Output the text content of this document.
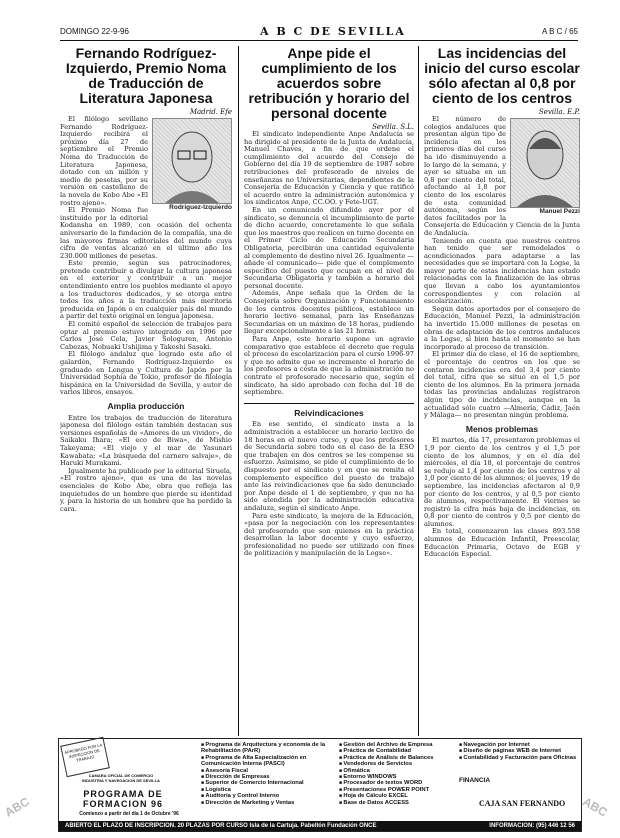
DOMINGO 22-9-96	A B C DE SEVILLA	A B C / 65
Fernando Rodríguez-Izquierdo, Premio Noma de Traducción de Literatura Japonesa
Madrid. Efe
Rodríguez-Izquierdo

El filólogo sevillano Fernando Rodríguez-Izquierdo recibirá el próximo día 27 de septiembre el Premio Noma de Traducción de Literatura Japonesa, dotado con un millón y medio de pesetas, por su versión en castellano de la novela de Kobo Abe «El rostro ajeno».

El Premio Noma fue instituido por la editorial Kodansha en 1989, con ocasión del ochenta aniversario de la fundación de la compañía, una de las mayores firmas editoriales del mundo cuya cifra de ventas alcanzó en el último año los 230.000 millones de pesetas.

Este premio, según sus patrocinadores, pretende contribuir a divulgar la cultura japonesa en el exterior y contribuir a un mejor entendimiento entre los pueblos mediante el apoyo a los traductores dedicados, y se otorga entre todos los años a la traducción más meritoria producida en Japón o en cualquier país del mundo a partir del texto original en lengua japonesa.

El comité español de selección de trabajos para optar al premio estuvo integrado en 1996 por Carlos José Cela, Javier Sologuren, Antonio Cabezas, Nobuaki Ushijima y Takeshi Sasaki.

El filólogo andaluz que logrado este año el galardón, Fernando Rodríguez-Izquierdo es graduado en Lengua y Cultura de Japón por la Universidad Sophia de Tokio, profesor de filología hispánica en la Universidad de Sevilla, y autor de varios libros, ensayos.

Amplia producción

Entre los trabajos de traducción de literatura japonesa del filólogo están también destacan sus versiones españolas de «Amores de un vividor», de Saikaku Ihara; «El eco de Biwa», de Mishio Takeyama; «El viejo y el mar de Yasunari Kawabata; «La búsqueda del carnero salvaje», de Haruki Murakami.

Igualmente ha publicado por la editorial Siruela, «El rostro ajeno», que es una de las novelas esenciales de Kobo Abe, obra que refleja las inquietudes de un hombre que pierde su identidad y, para la historia de un hombre que ha perdido la cara.

Anpe pide el cumplimiento de los acuerdos sobre retribución y horario del personal docente
Sevilla. S.L.

El sindicato independiente Anpe Andalucía se ha dirigido al presidente de la Junta de Andalucía, Manuel Chaves, a fin de que ordene el cumplimiento del acuerdo del Consejo de Gobierno del día 19 de septiembre de 1987 sobre retribuciones del profesorado de niveles de enseñanzas no Universitarias, dependientes de la Consejería de Educación y Ciencia y que ratificó el acuerdo entre la administración autonómica y los sindicatos Anpe, CC.OO. y Fete-UGT.

En un comunicado difundido ayer por el sindicato, se denuncia el incumplimiento de parte de dicho acuerdo, concretamente lo que señala que los maestros que realicen en turno docente en el Primer Ciclo de Educación Secundaria Obligatoria, percibirán una cantidad equivalente al complemento de destino nivel 26. Igualmente —añade el comunicado— pide que el complemento específico del puesto que ocupan en el nivel de Secundaria Obligatoria y también a horario del personal docente.

Además, Anpe señala que la Orden de la Consejería sobre Organización y Funcionamiento de los centros docentes públicos, establece un horario lectivo semanal, para las Enseñanzas Secundarias en un máximo de 18 horas, pudiendo llegar excepcionalmente a las 21 horas.

Para Anpe, este horario supone un agravio comparativo que establece el decreto que regula el proceso de escolarización para el curso 1996-97 y que no admite que se incremente el horario de los profesores a costa de que la administración no contrate el profesorado necesario que, según el sindicato, ha sido aprobado con fecha del 18 de septiembre.

Reivindicaciones

En ese sentido, el sindicato insta a la administración a establecer un horario lectivo de 18 horas en el nuevo curso, y que los profesores de Secundaria sobre todo en el caso de la ESO que trabajen en dos centros se les compense su esfuerzo. Asimismo, se pide el cumplimiento de lo dispuesto por el sindicato y en que se remita el complemento específico del puesto de trabajo ante las reivindicaciones que ha sido denunciado por Anpe desde el 1 de septiembre, y que no ha sido atendida por la administración educativa andaluza, según el sindicato Anpe.

Para este sindicato, la mejora de la Educación, «pasa por la negociación con los representantes del profesorado que son quienes en la práctica desarrollan la labor docente y cuyo esfuerzo, profesionalidad no puede ser utilizado con fines de politización y manipulación de la Logse».

Las incidencias del inicio del curso escolar sólo afectan al 0,8 por ciento de los centros
Sevilla. E.P.
Manuel Pezzi

El número de colegios andaluces que presentan algún tipo de incidencia en los primeros días del curso ha ido disminuyendo a lo largo de la semana, y ayer se situaba en un 0,8 por ciento del total, afectando al 1,8 por ciento de los escolares de esta comunidad autónoma, según los datos facilitados por la Consejería de Educación y Ciencia de la Junta de Andalucía.

Teniendo en cuenta que nuestros centros han tenido que ser remodelados o acondicionados para adaptarse a las necesidades que se importará con la Logse, la mayor parte de estas incidencias han estado relacionadas con la finalización de las obras que llevan a cabo los ayuntamientos correspondientes y con relación al escolarización.

Según datos aportados por el consejero de Educación, Manuel Pezzi, la administración ha invertido 15.000 millones de pesetas en obras de adaptación de los centros andaluces a la Logse, si bien hasta el momento se han incorporado al proceso de transición.

El primer día de clase, el 16 de septiembre, el porcentaje de centros en los que se contaron incidencias era del 3,4 por ciento del total, cifra que se situó en el 1,5 por ciento de los alumnos. En la primera jornada todas las provincias andaluzas registraron algún tipo de incidencias, aunque en la actualidad sólo cuatro —Almería, Cádiz, Jaén y Málaga— no presentan ningún problema.

Menos problemas

El martes, día 17, presentaron problemas el 1,9 por ciento de los centros y el 1,5 por ciento de los alumnos, y en el día del miércoles, el día 18, el porcentaje de centros se redujo al 1,4 por ciento de los centros y al 1,0 por ciento de los alumnos; el jueves, 19 de septiembre, las incidencias afectaron al 0,9 por ciento de los centros, y al 0,5 por ciento de alumnos, respectivamente. El viernes se registró la cifra más baja de incidencias, en 0,8 por ciento de centros y 0,5 por ciento de alumnos.

En total, comenzaron las clases 893.558 alumnos de Educación Infantil, Preescolar, Educación Primaria, Octavo de EGB y Educación Especial.

APROBADO POR LA INSPECCION DE TRABAJO
CAMARA OFICIAL DE COMERCIO INDUSTRIA Y NAVEGACION DE SEVILLA
PROGRAMA DE FORMACION 96
Comienzo a partir del día 1 de Octubre '96
■ Programa de Arquitectura y economía de la Rehabilitación (PArR)
■ Programa de Alta Especialización en Comunicación Interna (PASCI)
■ Asesoría Fiscal
■ Dirección de Empresas
■ Superior de Comercio Internacional
■ Logística
■ Auditoría y Control Interno
■ Dirección de Marketing y Ventas
■ Gestión del Archivo de Empresa
■ Práctica de Contabilidad
■ Práctica de Análisis de Balances
■ Vendedores de Servicios
■ Ofimática
■ Entorno WINDOWS
■ Procesador de textos WORD
■ Presentaciones POWER POINT
■ Hoja de Cálculo EXCEL
■ Base de Datos ACCESS
■ Navegación por Internet
■ Diseño de páginas WEB de Internet
■ Contabilidad y Facturación para Oficinas
FINANCIA
CAJA SAN FERNANDO
ABIERTO EL PLAZO DE INSCRIPCION. 20 PLAZAS POR CURSO Isla de la Cartuja. Pabellón Fundación ONCE	INFORMACION: (95) 446 12 56
ABC	ABC
